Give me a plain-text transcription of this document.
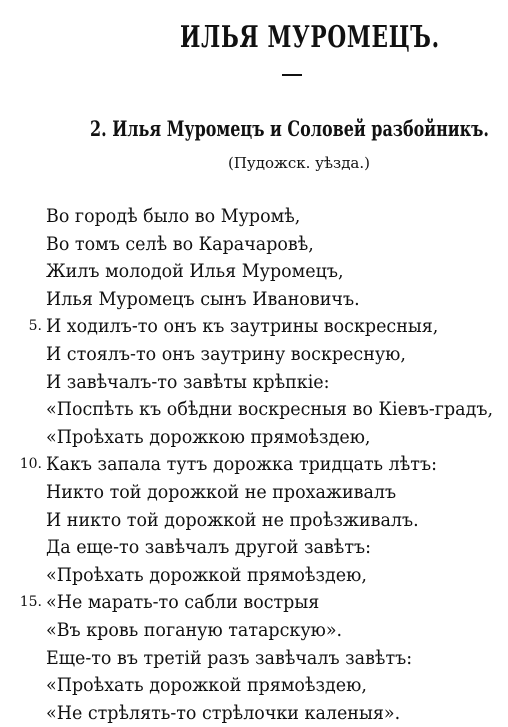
ИЛЬЯ МУРОМЕЦЪ.
2. Илья Муромецъ и Соловей разбойникъ.
(Пудожск. уѣзда.)
Во городѣ было во Муромѣ,
Во томъ селѣ во Карачаровѣ,
Жилъ молодой Илья Муромецъ,
Илья Муромецъ сынъ Ивановичъ.
5. И ходилъ-то онъ къ заутрины воскресныя,
И стоялъ-то онъ заутрину воскресную,
И завѣчалъ-то завѣты крѣпкiе:
«Поспѣть къ обѣдни воскресныя во Кiевъ-градъ,
«Проѣхать дорожкою прямоѣздею,
10. Какъ запала тутъ дорожка тридцать лѣтъ:
Никто той дорожкой не прохаживалъ
И никто той дорожкой не проѣзживалъ.
Да еще-то завѣчалъ другой завѣтъ:
«Проѣхать дорожкой прямоѣздею,
15. «Не марать-то сабли вострыя
«Въ кровь поганую татарскую».
Еще-то въ третiй разъ завѣчалъ завѣтъ:
«Проѣхать дорожкой прямоѣздею,
«Не стрѣлять-то стрѣлочки каленыя».
